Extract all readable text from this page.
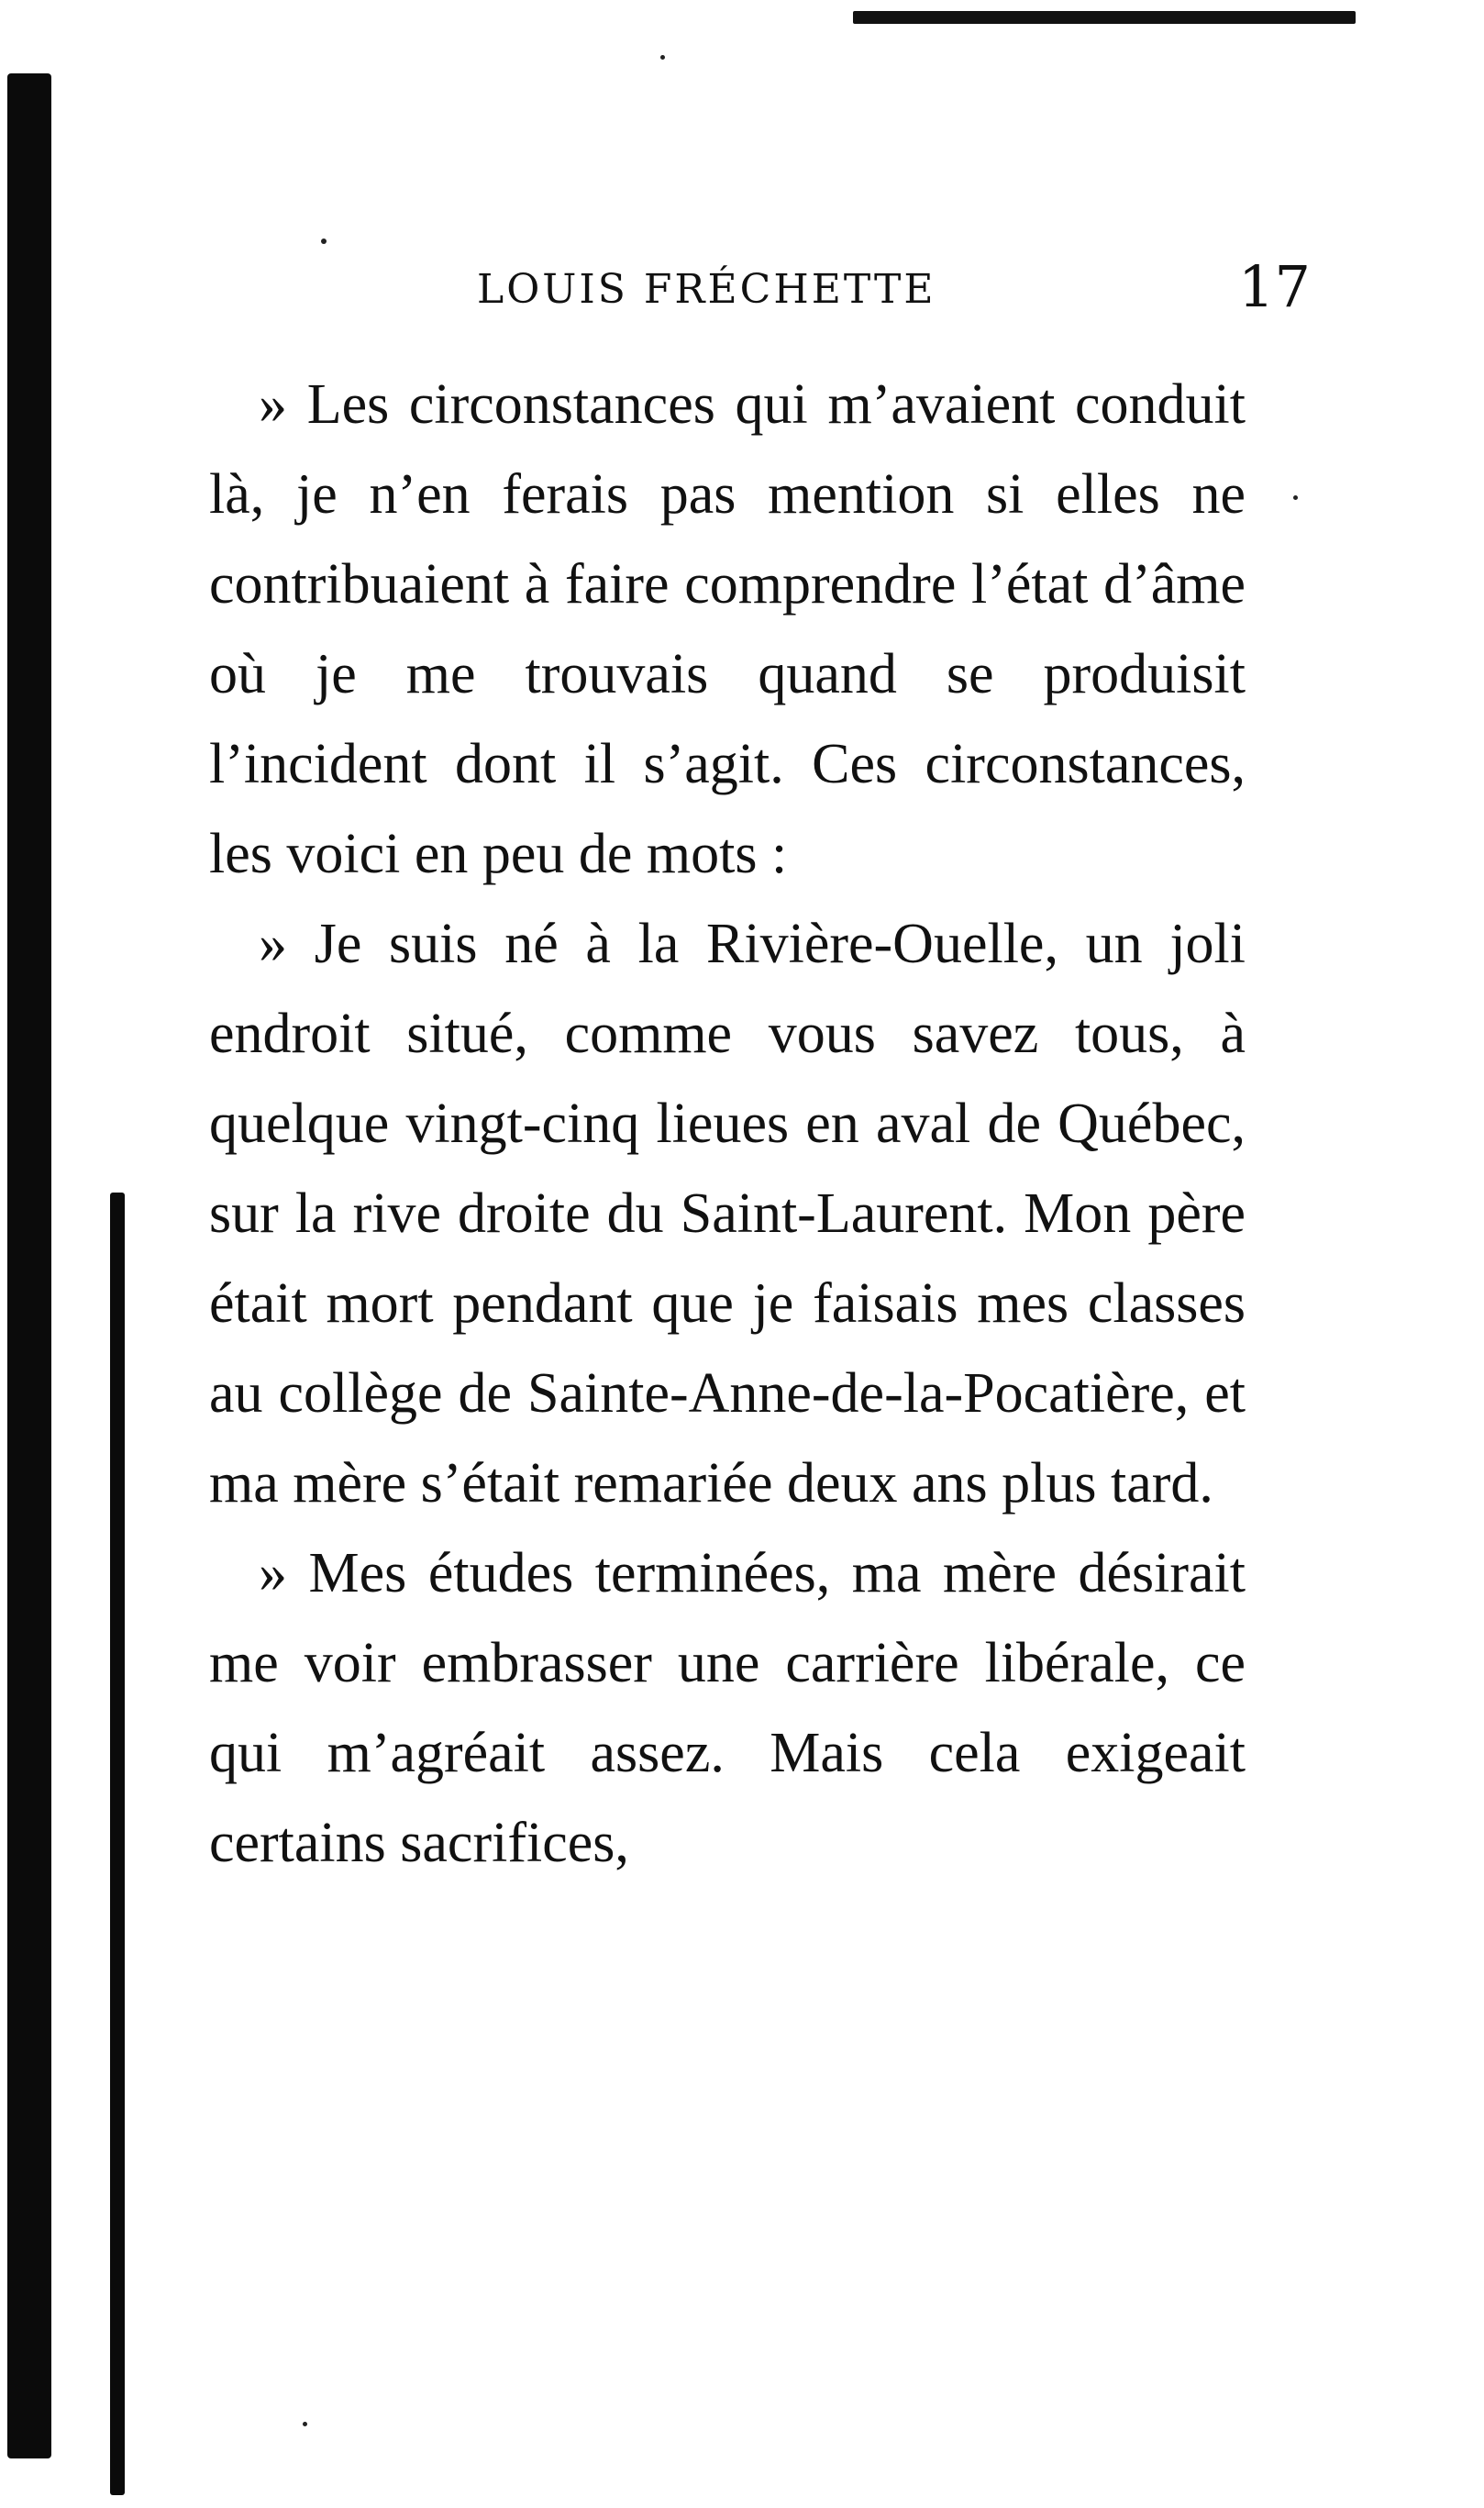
LOUIS FRÉCHETTE	17

» Les circonstances qui m’avaient conduit là, je n’en ferais pas mention si elles ne contribuaient à faire comprendre l’état d’âme où je me trouvais quand se produisit l’incident dont il s’agit. Ces circonstances, les voici en peu de mots :

» Je suis né à la Rivière-Ouelle, un joli endroit situé, comme vous savez tous, à quelque vingt-cinq lieues en aval de Québec, sur la rive droite du Saint-Laurent. Mon père était mort pendant que je faisais mes classes au collège de Sainte-Anne-de-la-Pocatière, et ma mère s’était remariée deux ans plus tard.

» Mes études terminées, ma mère désirait me voir embrasser une carrière libérale, ce qui m’agréait assez. Mais cela exigeait certains sacrifices,
